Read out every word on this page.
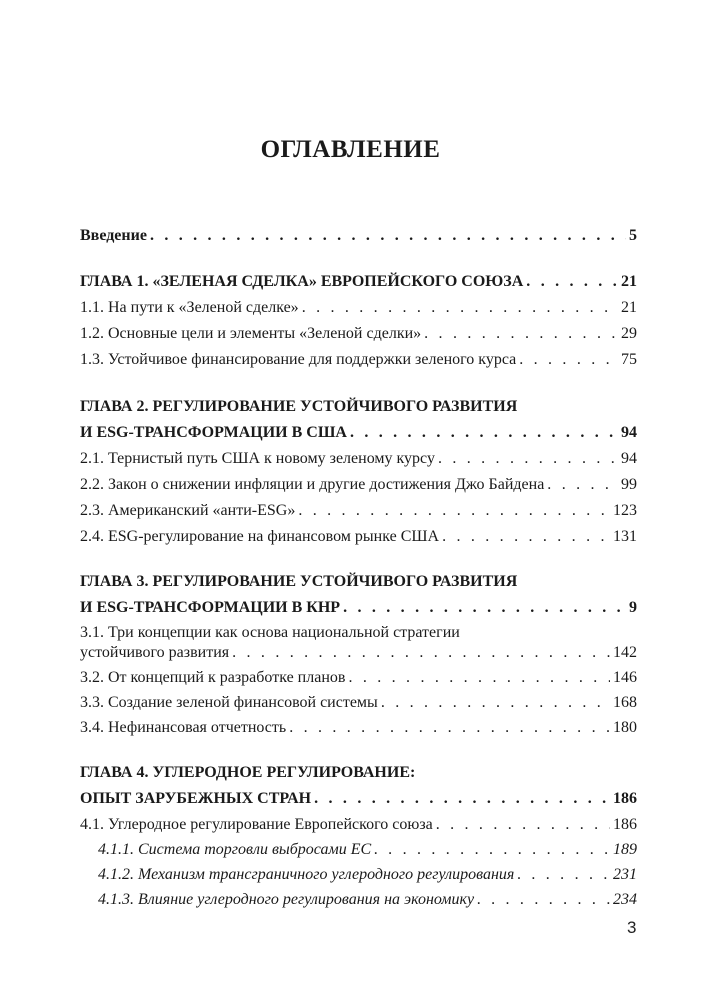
ОГЛАВЛЕНИЕ
Введение . . .	5
ГЛАВА 1. «ЗЕЛЕНАЯ СДЕЛКА» ЕВРОПЕЙСКОГО СОЮЗА . . .	21
1.1. На пути к «Зеленой сделке» . . .	21
1.2. Основные цели и элементы «Зеленой сделки» . . .	29
1.3. Устойчивое финансирование для поддержки зеленого курса . . .	75
ГЛАВА 2. РЕГУЛИРОВАНИЕ УСТОЙЧИВОГО РАЗВИТИЯ
И ESG-ТРАНСФОРМАЦИИ В США . . .	94
2.1. Тернистый путь США к новому зеленому курсу . . .	94
2.2. Закон о снижении инфляции и другие достижения Джо Байдена . . .	99
2.3. Американский «анти-ESG» . . .	123
2.4. ESG-регулирование на финансовом рынке США . . .	131
ГЛАВА 3. РЕГУЛИРОВАНИЕ УСТОЙЧИВОГО РАЗВИТИЯ
И ESG-ТРАНСФОРМАЦИИ В КНР . . .	9
3.1. Три концепции как основа национальной стратегии
устойчивого развития . . .	142
3.2. От концепций к разработке планов . . .	146
3.3. Создание зеленой финансовой системы . . .	168
3.4. Нефинансовая отчетность . . .	180
ГЛАВА 4. УГЛЕРОДНОЕ РЕГУЛИРОВАНИЕ:
ОПЫТ ЗАРУБЕЖНЫХ СТРАН . . .	186
4.1. Углеродное регулирование Европейского союза . . .	186
4.1.1. Система торговли выбросами ЕС . . .	189
4.1.2. Механизм трансграничного углеродного регулирования . . .	231
4.1.3. Влияние углеродного регулирования на экономику . . .	234
3
